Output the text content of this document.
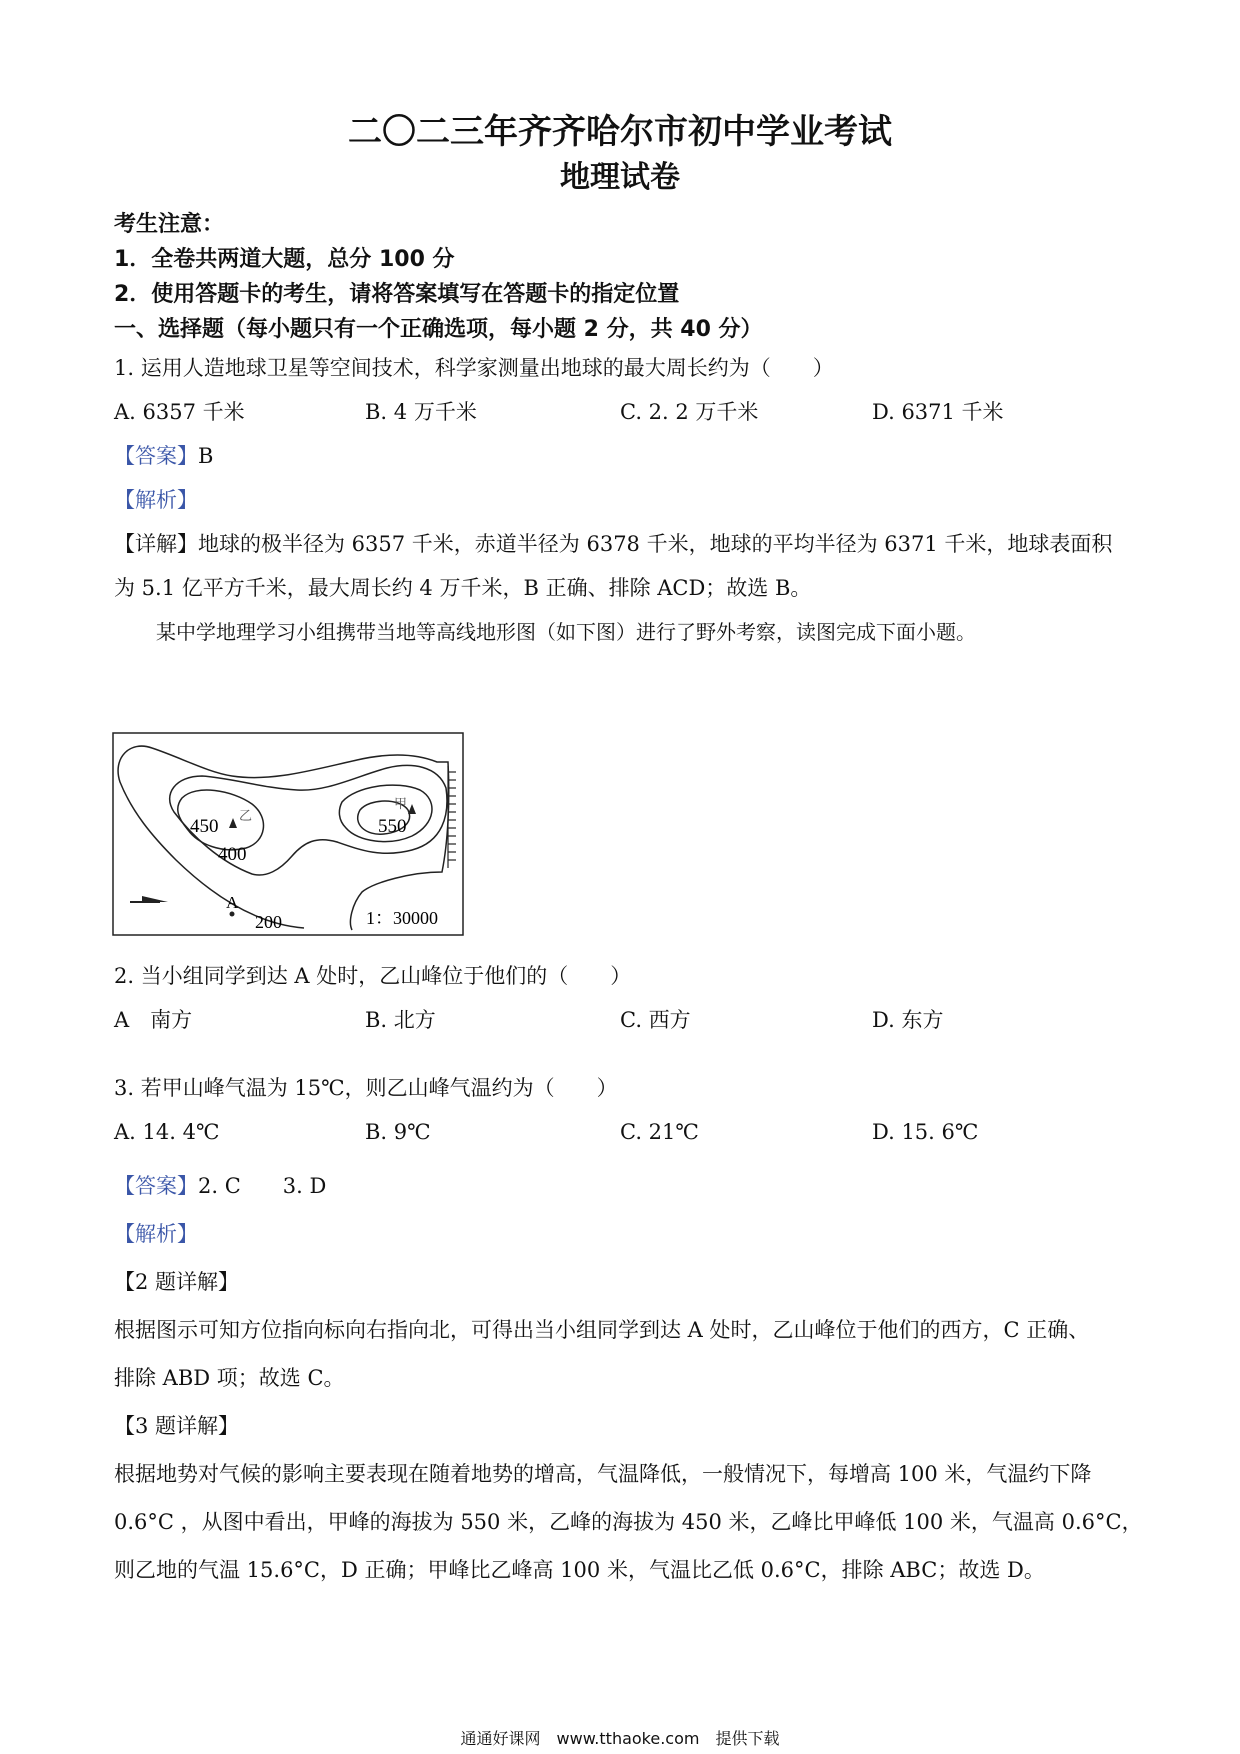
二〇二三年齐齐哈尔市初中学业考试
地理试卷
考生注意：
1．全卷共两道大题，总分 100 分
2．使用答题卡的考生，请将答案填写在答题卡的指定位置
一、选择题（每小题只有一个正确选项，每小题 2 分，共 40 分）
1. 运用人造地球卫星等空间技术，科学家测量出地球的最大周长约为（　　）
A. 6357 千米	B. 4 万千米	C. 2. 2 万千米	D. 6371 千米
【答案】B
【解析】
【详解】地球的极半径为 6357 千米，赤道半径为 6378 千米，地球的平均半径为 6371 千米，地球表面积
为 5.1 亿平方千米，最大周长约 4 万千米，B 正确、排除 ACD；故选 B。
某中学地理学习小组携带当地等高线地形图（如下图）进行了野外考察，读图完成下面小题。
450
乙
400
甲
550
A
200	1：30000
2. 当小组同学到达 A 处时，乙山峰位于他们的（　　）
A　南方	B. 北方	C. 西方	D. 东方
3. 若甲山峰气温为 15℃，则乙山峰气温约为（　　）
A. 14. 4℃	B. 9℃	C. 21℃	D. 15. 6℃
【答案】2. C　　3. D
【解析】
【2 题详解】
根据图示可知方位指向标向右指向北，可得出当小组同学到达 A 处时，乙山峰位于他们的西方，C 正确、
排除 ABD 项；故选 C。
【3 题详解】
根据地势对气候的影响主要表现在随着地势的增高，气温降低，一般情况下，每增高 100 米，气温约下降
0.6°C ，从图中看出，甲峰的海拔为 550 米，乙峰的海拔为 450 米，乙峰比甲峰低 100 米，气温高 0.6°C，
则乙地的气温 15.6°C，D 正确；甲峰比乙峰高 100 米，气温比乙低 0.6°C，排除 ABC；故选 D。
通通好课网　www.tthaoke.com　提供下载
